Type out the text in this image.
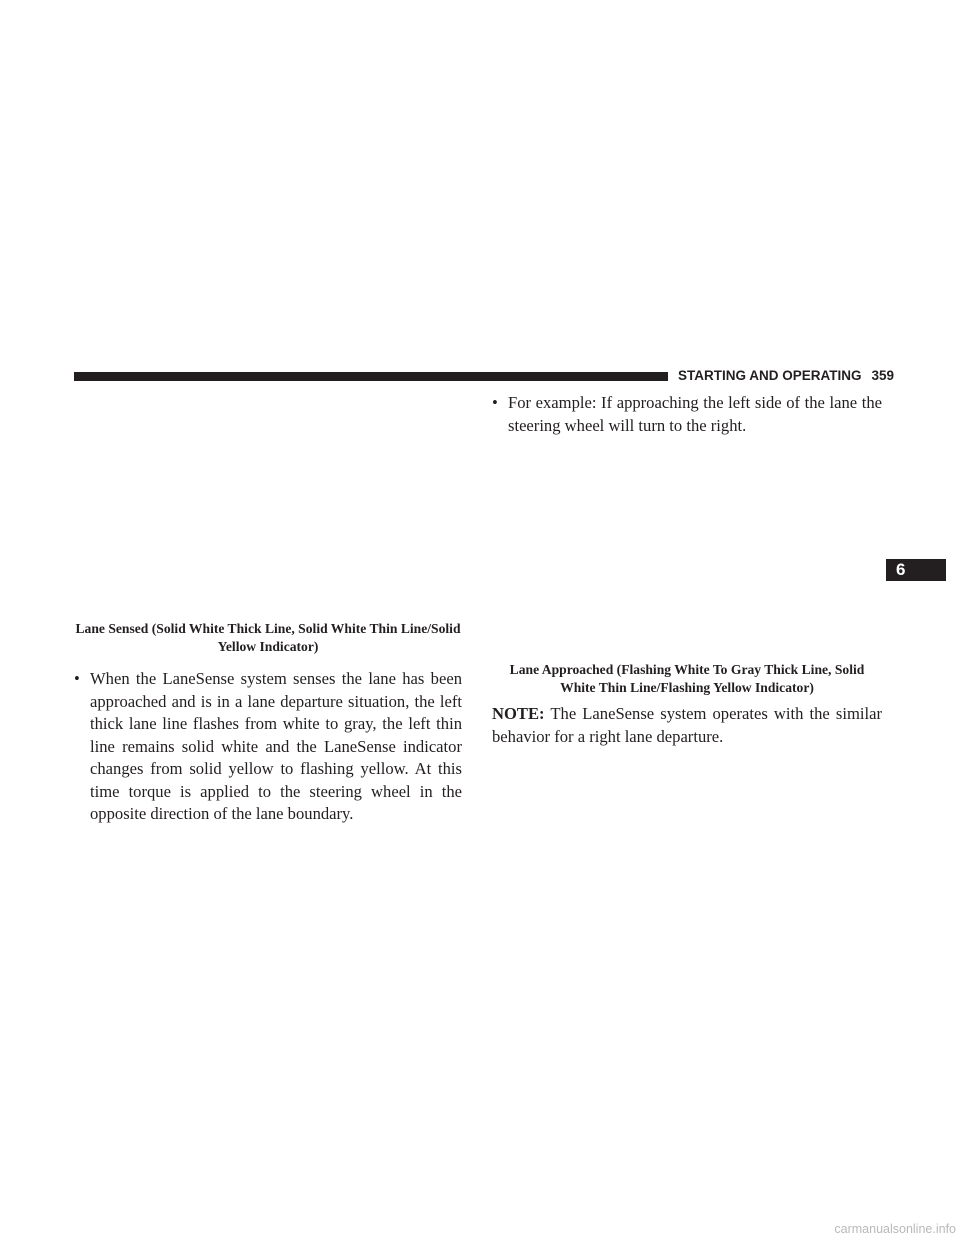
STARTING AND OPERATING 359
Lane Sensed (Solid White Thick Line, Solid White Thin Line/Solid Yellow Indicator)
• When the LaneSense system senses the lane has been approached and is in a lane departure situation, the left thick lane line flashes from white to gray, the left thin line remains solid white and the LaneSense indicator changes from solid yellow to flashing yellow. At this time torque is applied to the steering wheel in the opposite direction of the lane boundary.
• For example: If approaching the left side of the lane the steering wheel will turn to the right.
Lane Approached (Flashing White To Gray Thick Line, Solid White Thin Line/Flashing Yellow Indicator)
NOTE: The LaneSense system operates with the similar behavior for a right lane departure.
6
carmanualsonline.info
